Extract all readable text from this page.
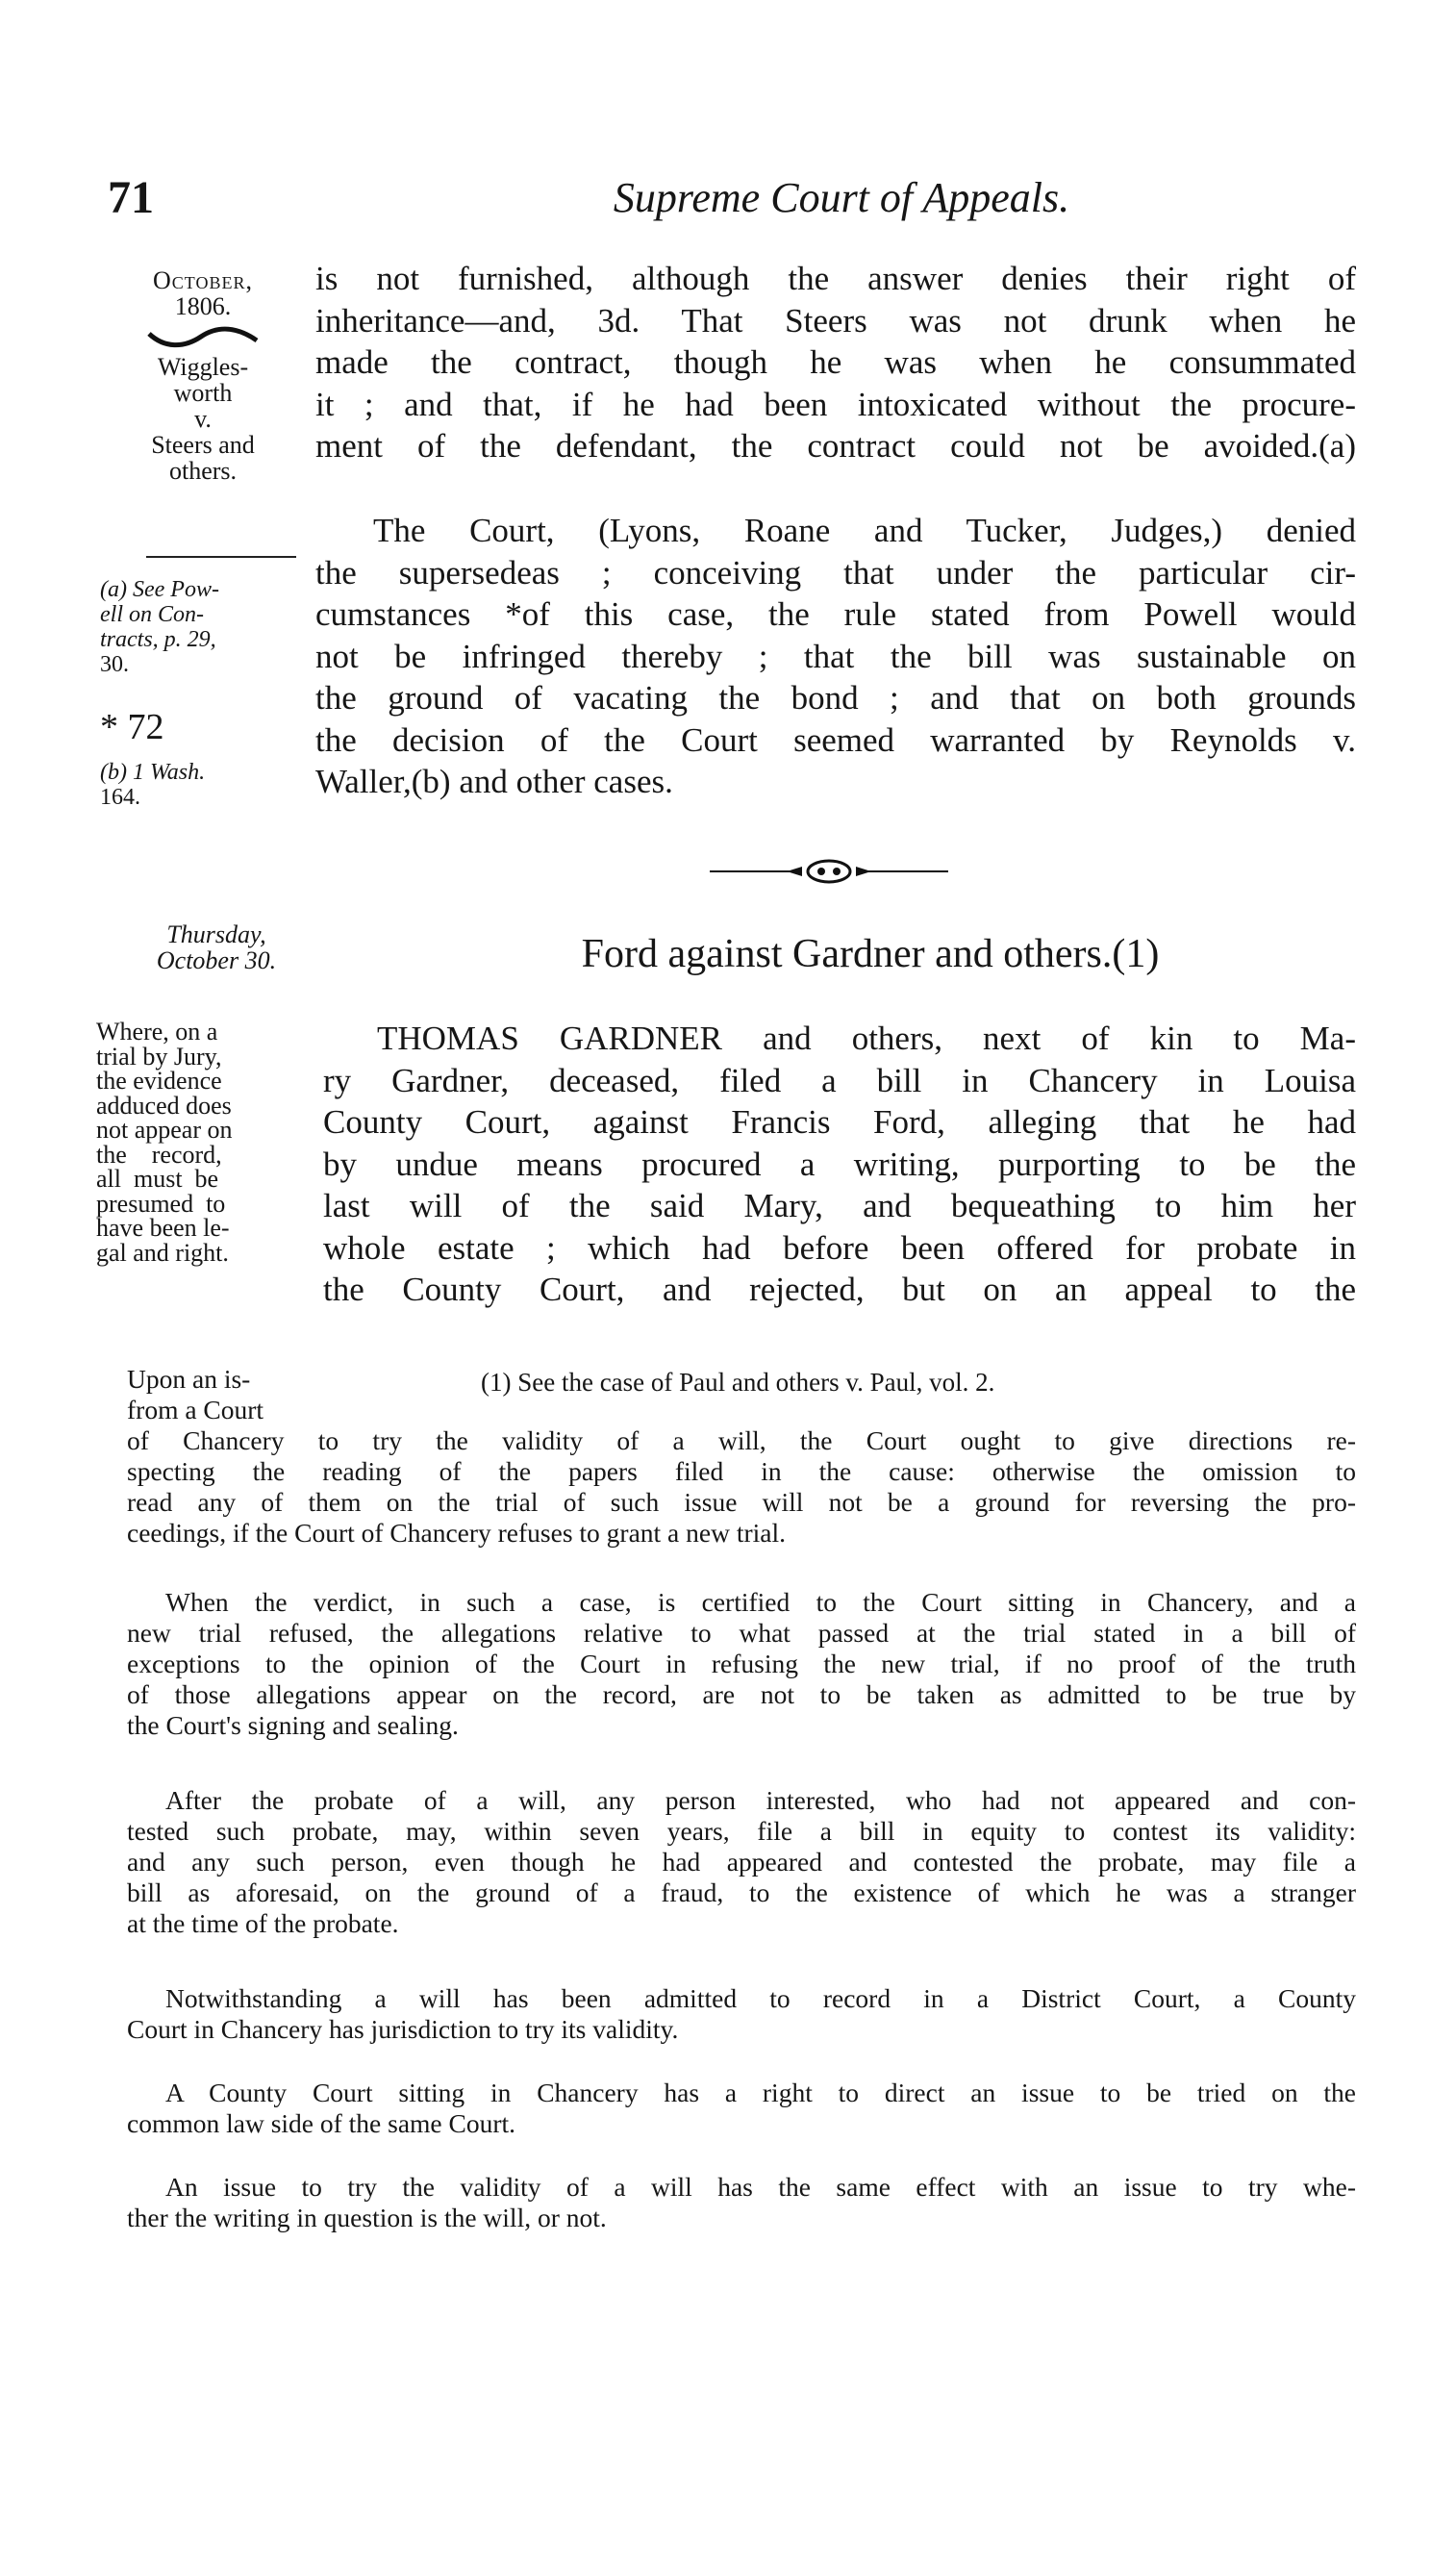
71	Supreme Court of Appeals.
October,
1806.
Wiggles-
worth
v.
Steers and
others.
(a) See Pow-
ell on Con-
tracts, p. 29,
30.
* 72
(b) 1 Wash.
164.

is not furnished, although the answer denies their right of

inheritance—and, 3d. That Steers was not drunk when he

made the contract, though he was when he consummated

it ; and that, if he had been intoxicated without the procure-

ment of the defendant, the contract could not be avoided.(a)

The Court, (Lyons, Roane and Tucker, Judges,) denied

the supersedeas ; conceiving that under the particular cir-

cumstances *of this case, the rule stated from Powell would

not be infringed thereby ; that the bill was sustainable on

the ground of vacating the bond ; and that on both grounds

the decision of the Court seemed warranted by Reynolds v.

Waller,(b) and other cases.

Thursday,
October 30.	Ford against Gardner and others.(1)
Where, on a
trial by Jury,
the evidence
adduced does
not appear on
the    record,
all  must  be
presumed  to
have been le-
gal and right.

THOMAS GARDNER and others, next of kin to Ma-

ry Gardner, deceased, filed a bill in Chancery in Louisa

County Court, against Francis Ford, alleging that he had

by undue means procured a writing, purporting to be the

last will of the said Mary, and bequeathing to him her

whole estate ; which had before been offered for probate in

the County Court, and rejected, but on an appeal to the

(1) See the case of Paul and others v. Paul, vol. 2.
Upon an is-
from a Court
of Chancery to try the validity of a will, the Court ought to give directions re-
specting the reading of the papers filed in the cause: otherwise the omission to
read any of them on the trial of such issue will not be a ground for reversing the pro-
ceedings, if the Court of Chancery refuses to grant a new trial.
When the verdict, in such a case, is certified to the Court sitting in Chancery, and a
new trial refused, the allegations relative to what passed at the trial stated in a bill of
exceptions to the opinion of the Court in refusing the new trial, if no proof of the truth
of those allegations appear on the record, are not to be taken as admitted to be true by
the Court's signing and sealing.
After the probate of a will, any person interested, who had not appeared and con-
tested such probate, may, within seven years, file a bill in equity to contest its validity:
and any such person, even though he had appeared and contested the probate, may file a
bill as aforesaid, on the ground of a fraud, to the existence of which he was a stranger
at the time of the probate.
Notwithstanding a will has been admitted to record in a District Court, a County
Court in Chancery has jurisdiction to try its validity.
A County Court sitting in Chancery has a right to direct an issue to be tried on the
common law side of the same Court.
An issue to try the validity of a will has the same effect with an issue to try whe-
ther the writing in question is the will, or not.
